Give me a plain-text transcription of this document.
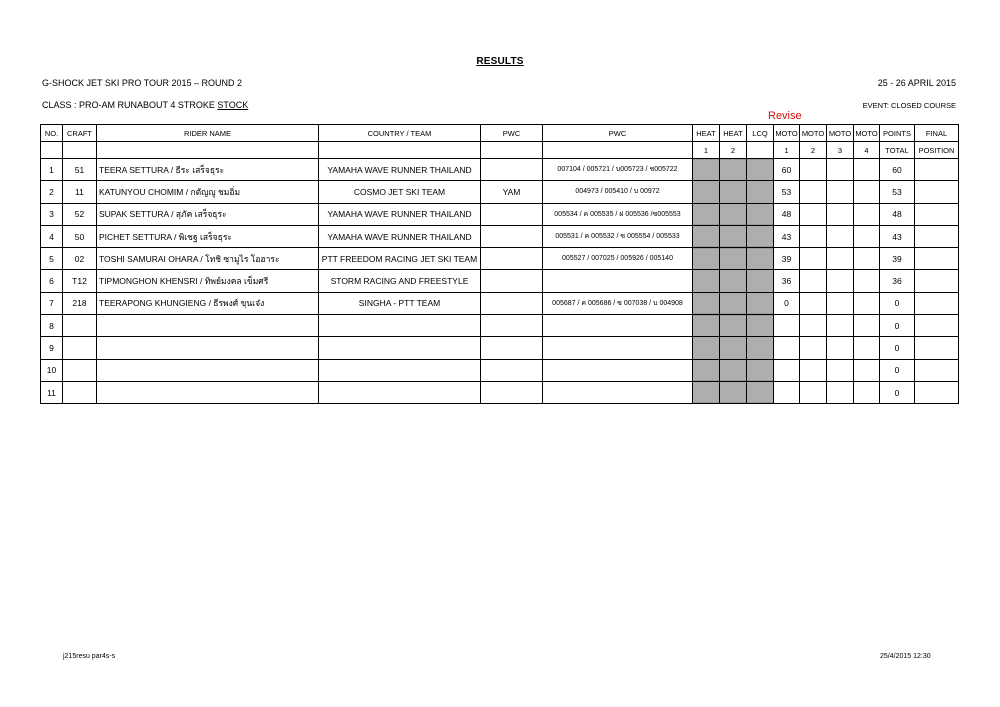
RESULTS
G-SHOCK JET SKI PRO TOUR 2015 – ROUND 2	25 - 26 APRIL 2015
CLASS : PRO-AM RUNABOUT 4 STROKE STOCK
Revise
EVENT: CLOSED COURSE
NO.	CRAFT	RIDER NAME	COUNTRY / TEAM	PWC	PWC	HEAT	HEAT	LCQ	MOTO	MOTO	MOTO	MOTO	POINTS	FINAL
						1	2		1	2	3	4	TOTAL	POSITION
1	51	TEERA SETTURA / ธีระ เสร็จธุระ	YAMAHA WAVE RUNNER THAILAND		007104 / 005721 / บ005723 / ช005722				60				60	
2	11	KATUNYOU CHOMIM / กตัญญู ชมอิ่ม	COSMO JET SKI TEAM	YAM	004973 / 005410 / บ 00972				53				53	
3	52	SUPAK SETTURA / สุภัค เสร็จธุระ	YAMAHA WAVE RUNNER THAILAND		005534 / ค 005535 / ฝ 005536 /ซ005553				48				48	
4	50	PICHET SETTURA / พิเชฐ เสร็จธุระ	YAMAHA WAVE RUNNER THAILAND		005531 / ค 005532 / ซ 005554 / 005533				43				43	
5	02	TOSHI SAMURAI OHARA / โทชิ ซามูไร โอฮาระ	PTT FREEDOM RACING JET SKI TEAM		005527 / 007025 / 005926 / 005140				39				39	
6	T12	TIPMONGHON KHENSRI / ทิพย์มงคล เข็มศรี	STORM RACING AND FREESTYLE						36				36	
7	218	TEERAPONG KHUNGIENG / ธีรพงศ์ ขุนเจ๋ง	SINGHA - PTT TEAM		005687 / ค 005686 / ซ 007038 / บ 004908				0				0	
8													0	
9													0	
10													0	
11													0	
j215resu par4s-s	25/4/2015 12:30
